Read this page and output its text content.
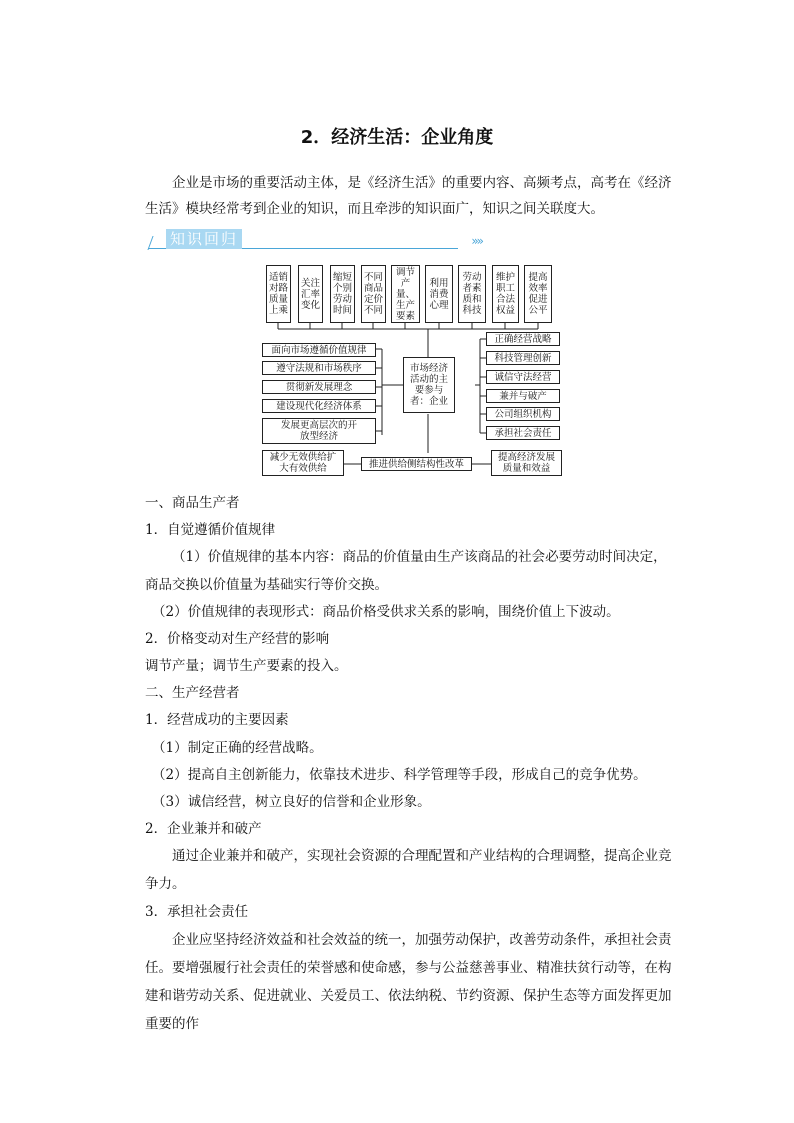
2．经济生活：企业角度

企业是市场的重要活动主体，是《经济生活》的重要内容、高频考点，高考在《经济生活》模块经常考到企业的知识，而且牵涉的知识面广，知识之间关联度大。

知识回归	»»
适销对路质量上乘
关注汇率变化
缩短个别劳动时间
不同商品定价不同
调节产量、生产要素
利用消费心理
劳动者素质和科技
维护职工合法权益
提高效率促进公平
面向市场遵循价值规律
遵守法规和市场秩序
贯彻新发展理念
建设现代化经济体系
发展更高层次的开放型经济
市场经济活动的主要参与者：企业
正确经营战略
科技管理创新
诚信守法经营
兼并与破产
公司组织机构
承担社会责任
减少无效供给扩大有效供给	推进供给侧结构性改革
提高经济发展质量和效益

一、商品生产者

1．自觉遵循价值规律

（1）价值规律的基本内容：商品的价值量由生产该商品的社会必要劳动时间决定，商品交换以价值量为基础实行等价交换。

（2）价值规律的表现形式：商品价格受供求关系的影响，围绕价值上下波动。

2．价格变动对生产经营的影响

调节产量；调节生产要素的投入。

二、生产经营者

1．经营成功的主要因素

（1）制定正确的经营战略。

（2）提高自主创新能力，依靠技术进步、科学管理等手段，形成自己的竞争优势。

（3）诚信经营，树立良好的信誉和企业形象。

2．企业兼并和破产

通过企业兼并和破产，实现社会资源的合理配置和产业结构的合理调整，提高企业竞争力。

3．承担社会责任

企业应坚持经济效益和社会效益的统一，加强劳动保护，改善劳动条件，承担社会责任。要增强履行社会责任的荣誉感和使命感，参与公益慈善事业、精准扶贫行动等，在构建和谐劳动关系、促进就业、关爱员工、依法纳税、节约资源、保护生态等方面发挥更加重要的作
